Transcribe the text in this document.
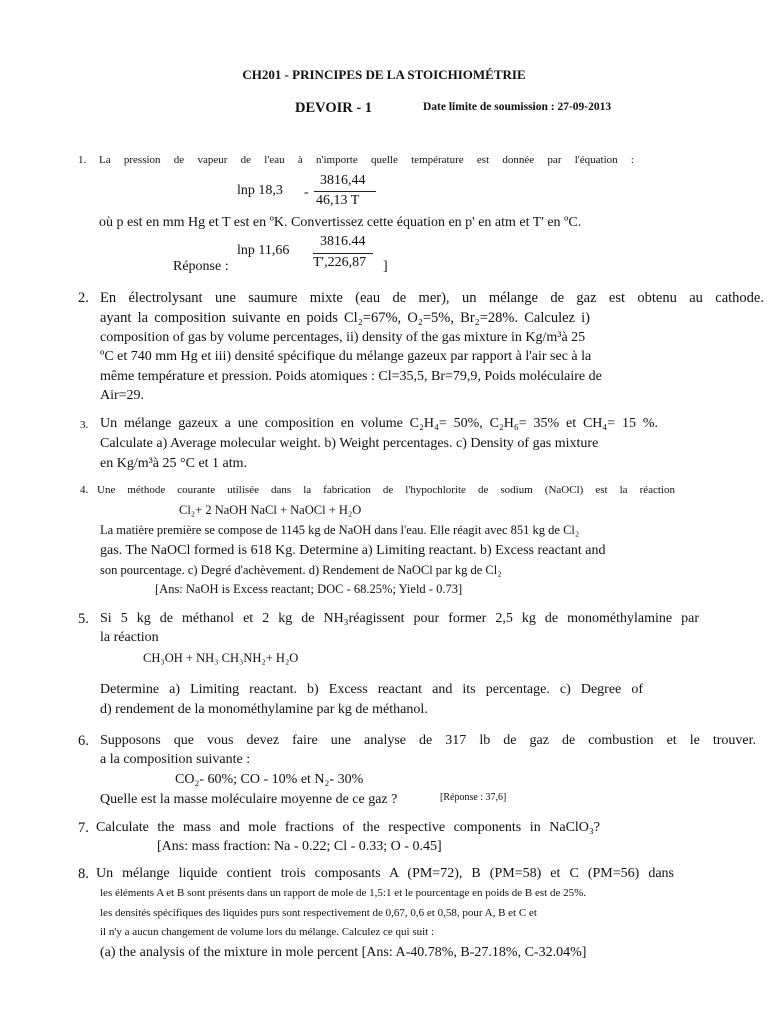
CH201 - PRINCIPES DE LA STOICHIOMÉTRIE
DEVOIR - 1	Date limite de soumission : 27-09-2013
1. La pression de vapeur de l'eau à n'importe quelle température est donnée par l'équation :
lnp 18,3 -
3816,44
46,13 T
où p est en mm Hg et T est en ºK. Convertissez cette équation en p' en atm et T' en ºC.
lnp 11,66
3816.44
T',226,87
Réponse :	]
2. En électrolysant une saumure mixte (eau de mer), un mélange de gaz est obtenu au cathode.
ayant la composition suivante en poids Cl₂=67%, O₂=5%, Br₂=28%. Calculez i)
composition of gas by volume percentages, ii) density of the gas mixture in Kg/m³à 25
ºC et 740 mm Hg et iii) densité spécifique du mélange gazeux par rapport à l'air sec à la
même température et pression. Poids atomiques : Cl=35,5, Br=79,9, Poids moléculaire de
Air=29.
3. Un mélange gazeux a une composition en volume C₂H₄= 50%, C₂H₆= 35% et CH₄= 15 %.
Calculate a) Average molecular weight. b) Weight percentages. c) Density of gas mixture
en Kg/m³à 25 °C et 1 atm.
4. Une méthode courante utilisée dans la fabrication de l'hypochlorite de sodium (NaOCl) est la réaction
Cl₂+ 2 NaOH NaCl + NaOCl + H₂O
La matière première se compose de 1145 kg de NaOH dans l'eau. Elle réagit avec 851 kg de Cl₂
gas. The NaOCl formed is 618 Kg. Determine a) Limiting reactant. b) Excess reactant and
son pourcentage. c) Degré d'achèvement. d) Rendement de NaOCl par kg de Cl₂
[Ans: NaOH is Excess reactant; DOC - 68.25%; Yield - 0.73]
5. Si 5 kg de méthanol et 2 kg de NH₃réagissent pour former 2,5 kg de monométhylamine par
la réaction
CH₃OH + NH₃ CH₃NH₂+ H₂O
Determine a) Limiting reactant. b) Excess reactant and its percentage. c) Degree of
d) rendement de la monométhylamine par kg de méthanol.
6. Supposons que vous devez faire une analyse de 317 lb de gaz de combustion et le trouver.
a la composition suivante :
CO₂- 60%; CO - 10% et N₂- 30%
Quelle est la masse moléculaire moyenne de ce gaz ?	[Réponse : 37,6]
7. Calculate the mass and mole fractions of the respective components in NaClO₃?
[Ans: mass fraction: Na - 0.22; Cl - 0.33; O - 0.45]
8. Un mélange liquide contient trois composants A (PM=72), B (PM=58) et C (PM=56) dans
les éléments A et B sont présents dans un rapport de mole de 1,5:1 et le pourcentage en poids de B est de 25%.
les densités spécifiques des liquides purs sont respectivement de 0,67, 0,6 et 0,58, pour A, B et C et
il n'y a aucun changement de volume lors du mélange. Calculez ce qui suit :
(a) the analysis of the mixture in mole percent [Ans: A-40.78%, B-27.18%, C-32.04%]
